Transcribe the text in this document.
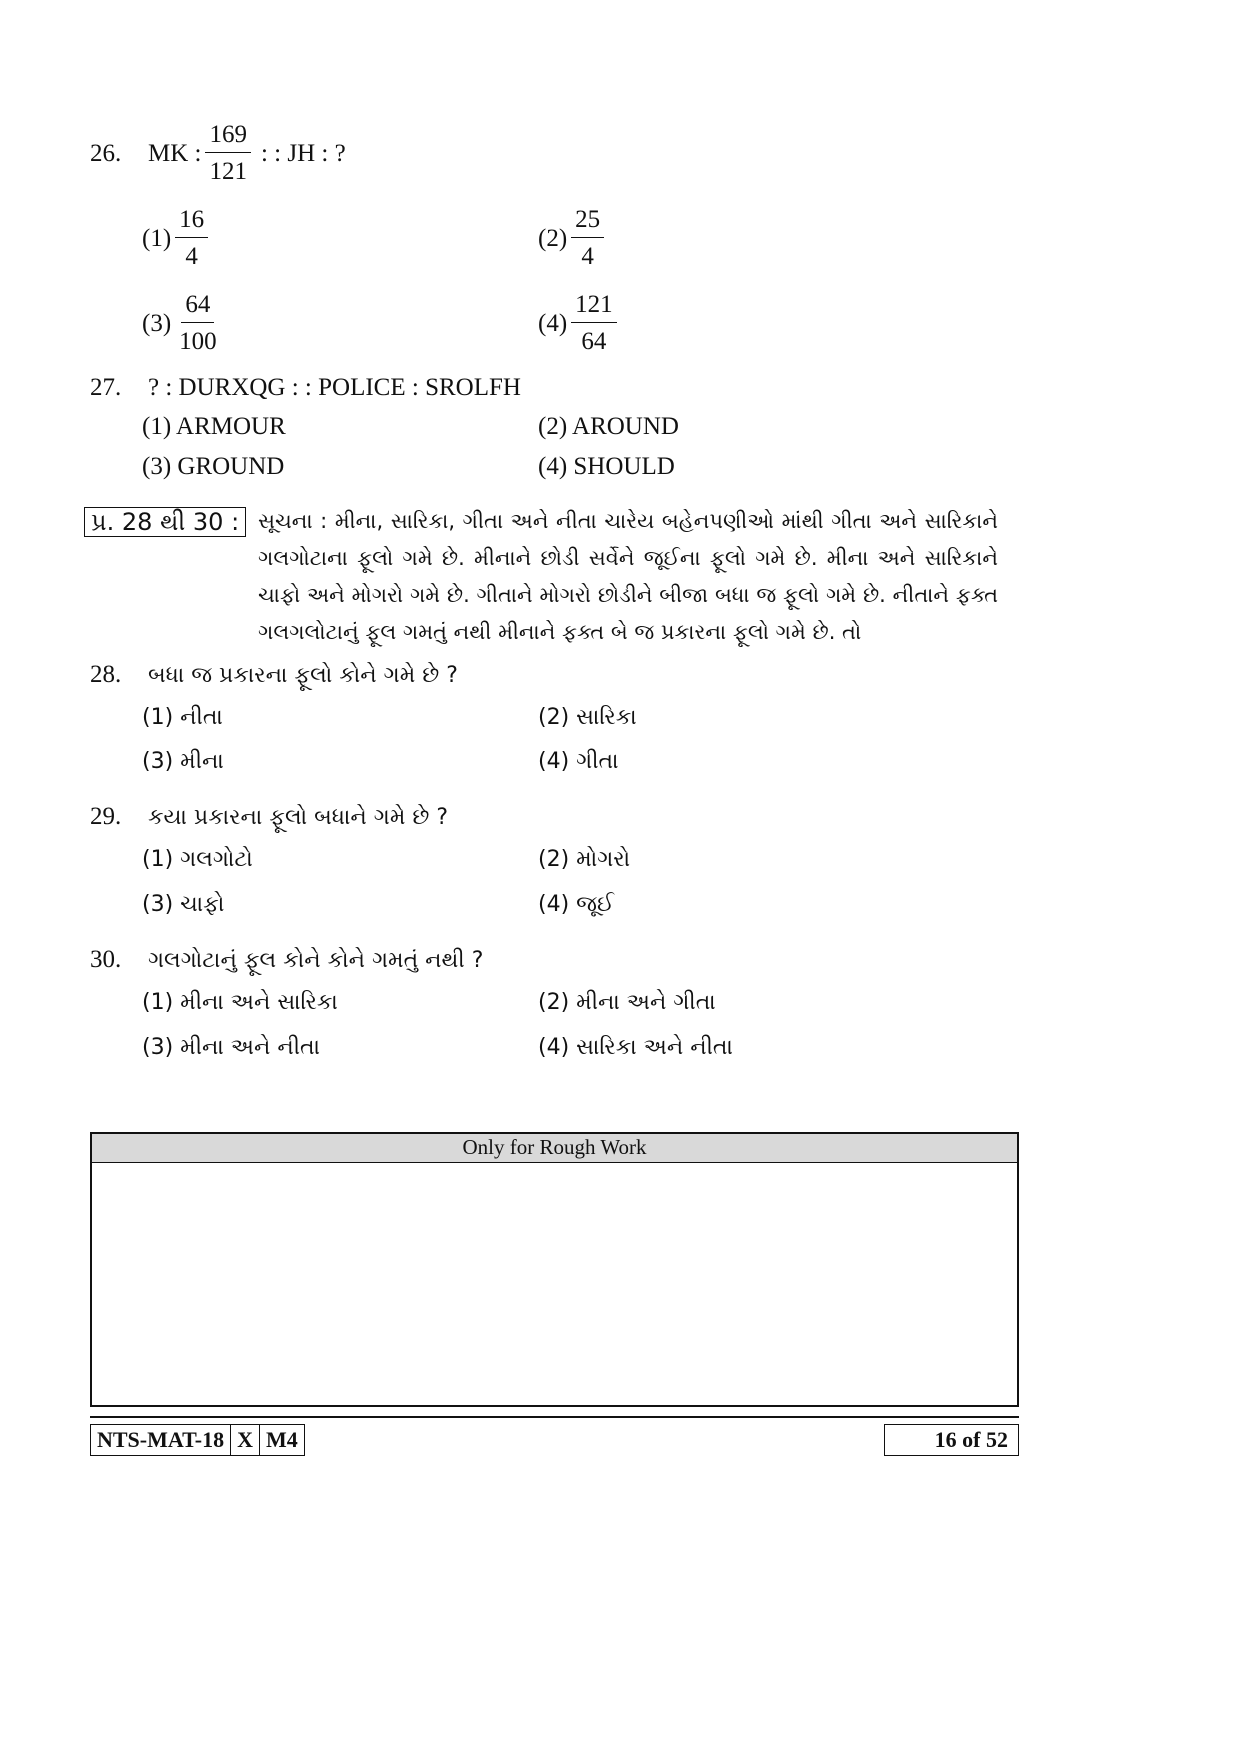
26.	MK : $\frac{169}{121}$ : : JH : ?
$(1) \frac{16}{4}$	$(2) \frac{25}{4}$
$(3) \frac{64}{100}$	$(4) \frac{121}{64}$
27. ? : DURXQG : : POLICE : SROLFH
(1) ARMOUR	(2) AROUND
(3) GROUND	(4) SHOULD
પ્ર. 28 થી 30 : સૂચના : મીના, સારિકા, ગીતા અને નીતા ચારેય બહેનપણીઓ માંથી ગીતા અને સારિકાને ગલગોટાના ફૂલો ગમે છે. મીનાને છોડી સર્વેને જૂઈના ફૂલો ગમે છે. મીના અને સારિકાને ચાફો અને મોગરો ગમે છે. ગીતાને મોગરો છોડીને બીજા બધા જ ફૂલો ગમે છે. નીતાને ફક્ત ગલગલોટાનું ફૂલ ગમતું નથી મીનાને ફક્ત બે જ પ્રકારના ફૂલો ગમે છે. તો
28. બધા જ પ્રકારના ફૂલો કોને ગમે છે ?
(1) નીતા	(2) સારિકા
(3) મીના	(4) ગીતા
29. કયા પ્રકારના ફૂલો બધાને ગમે છે ?
(1) ગલગોટો	(2) મોગરો
(3) ચાફો	(4) જૂઈ
30. ગલગોટાનું ફૂલ કોને કોને ગમતું નથી ?
(1) મીના અને સારિકા	(2) મીના અને ગીતા
(3) મીના અને નીતા	(4) સારિકા અને નીતા
Only for Rough Work
NTS-MAT-18 X M4	16 of 52
